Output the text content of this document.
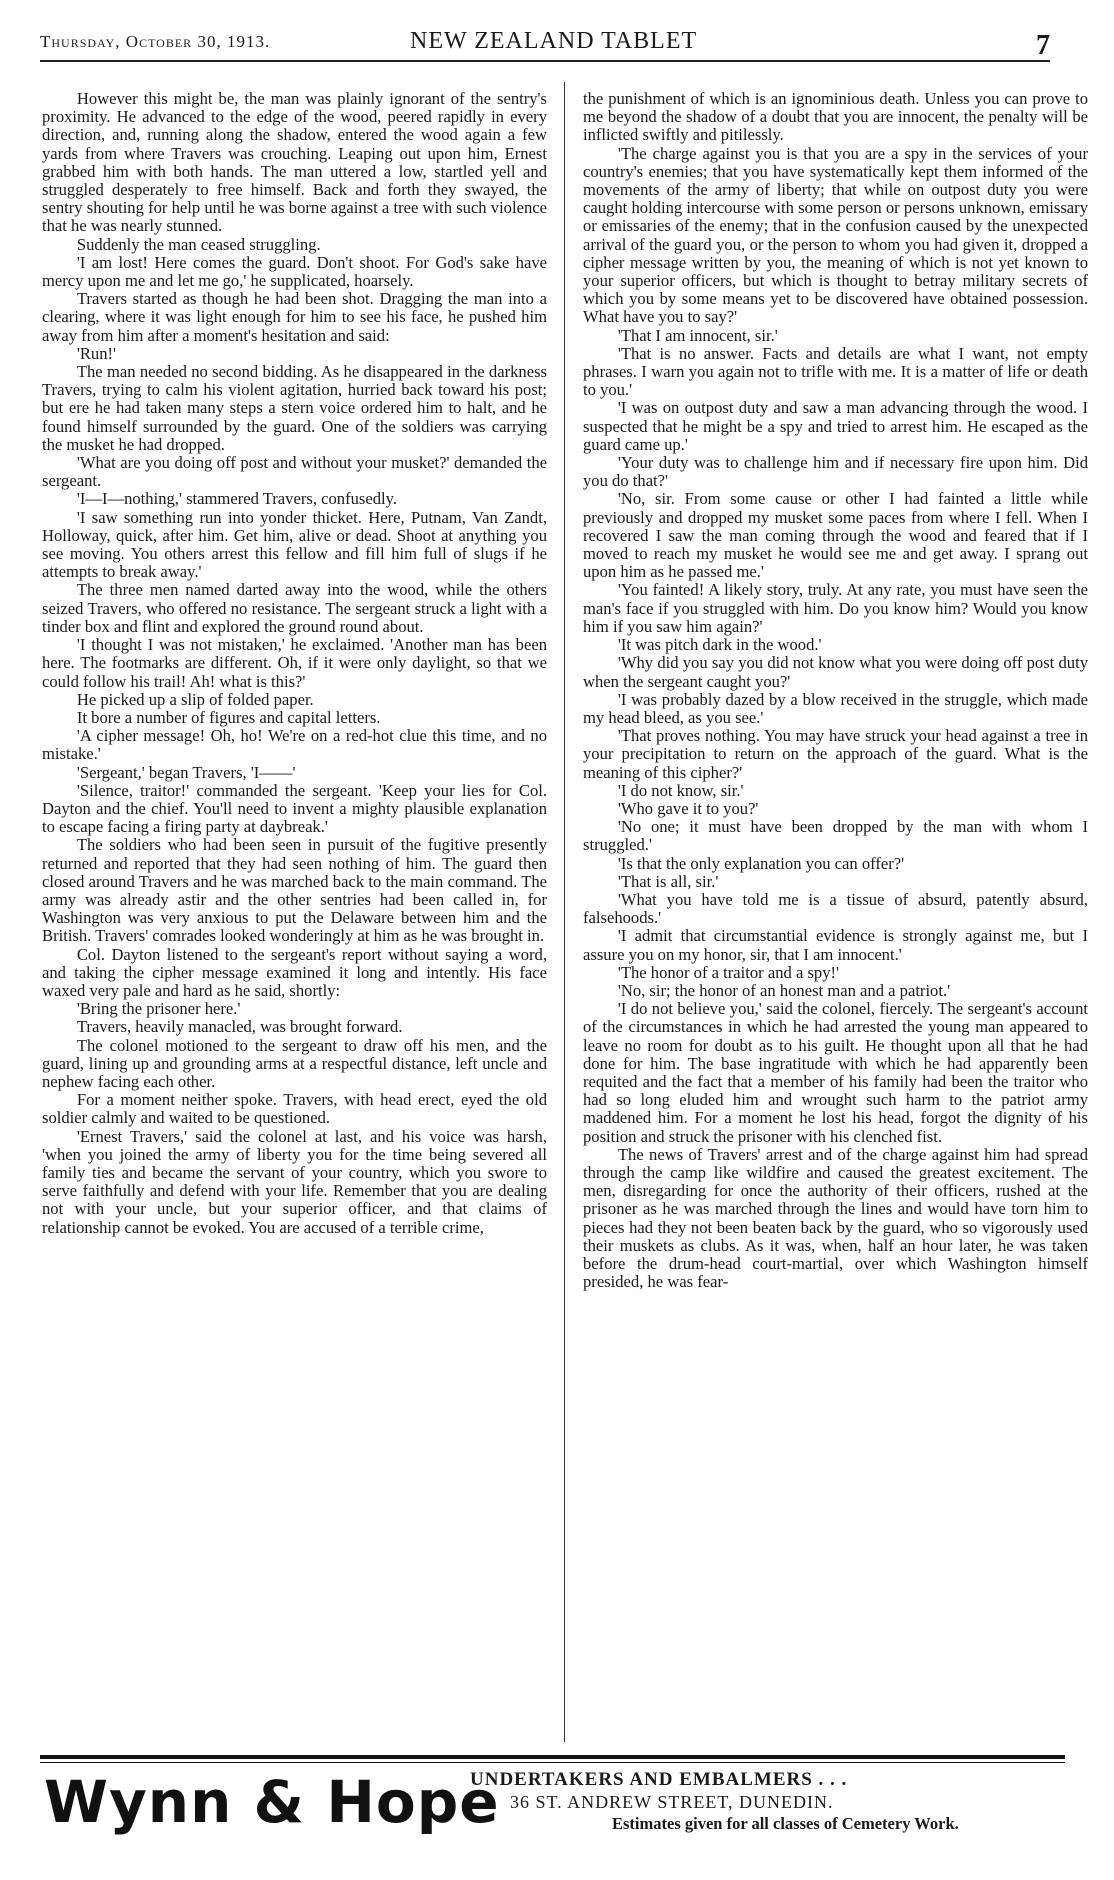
Thursday, October 30, 1913.	NEW ZEALAND TABLET	7

However this might be, the man was plainly ignorant of the sentry's proximity. He advanced to the edge of the wood, peered rapidly in every direction, and, running along the shadow, entered the wood again a few yards from where Travers was crouching. Leaping out upon him, Ernest grabbed him with both hands. The man uttered a low, startled yell and struggled desperately to free himself. Back and forth they swayed, the sentry shouting for help until he was borne against a tree with such violence that he was nearly stunned.

Suddenly the man ceased struggling.

'I am lost! Here comes the guard. Don't shoot. For God's sake have mercy upon me and let me go,' he supplicated, hoarsely.

Travers started as though he had been shot. Dragging the man into a clearing, where it was light enough for him to see his face, he pushed him away from him after a moment's hesitation and said:

'Run!'

The man needed no second bidding. As he disappeared in the darkness Travers, trying to calm his violent agitation, hurried back toward his post; but ere he had taken many steps a stern voice ordered him to halt, and he found himself surrounded by the guard. One of the soldiers was carrying the musket he had dropped.

'What are you doing off post and without your musket?' demanded the sergeant.

'I—I—nothing,' stammered Travers, confusedly.

'I saw something run into yonder thicket. Here, Putnam, Van Zandt, Holloway, quick, after him. Get him, alive or dead. Shoot at anything you see moving. You others arrest this fellow and fill him full of slugs if he attempts to break away.'

The three men named darted away into the wood, while the others seized Travers, who offered no resistance. The sergeant struck a light with a tinder box and flint and explored the ground round about.

'I thought I was not mistaken,' he exclaimed. 'Another man has been here. The footmarks are different. Oh, if it were only daylight, so that we could follow his trail! Ah! what is this?'

He picked up a slip of folded paper.

It bore a number of figures and capital letters.

'A cipher message! Oh, ho! We're on a red-hot clue this time, and no mistake.'

'Sergeant,' began Travers, 'I——'

'Silence, traitor!' commanded the sergeant. 'Keep your lies for Col. Dayton and the chief. You'll need to invent a mighty plausible explanation to escape facing a firing party at daybreak.'

The soldiers who had been seen in pursuit of the fugitive presently returned and reported that they had seen nothing of him. The guard then closed around Travers and he was marched back to the main command. The army was already astir and the other sentries had been called in, for Washington was very anxious to put the Delaware between him and the British. Travers' comrades looked wonderingly at him as he was brought in.

Col. Dayton listened to the sergeant's report without saying a word, and taking the cipher message examined it long and intently. His face waxed very pale and hard as he said, shortly:

'Bring the prisoner here.'

Travers, heavily manacled, was brought forward.

The colonel motioned to the sergeant to draw off his men, and the guard, lining up and grounding arms at a respectful distance, left uncle and nephew facing each other.

For a moment neither spoke. Travers, with head erect, eyed the old soldier calmly and waited to be questioned.

'Ernest Travers,' said the colonel at last, and his voice was harsh, 'when you joined the army of liberty you for the time being severed all family ties and became the servant of your country, which you swore to serve faithfully and defend with your life. Remember that you are dealing not with your uncle, but your superior officer, and that claims of relationship cannot be evoked. You are accused of a terrible crime,

the punishment of which is an ignominious death. Unless you can prove to me beyond the shadow of a doubt that you are innocent, the penalty will be inflicted swiftly and pitilessly.

'The charge against you is that you are a spy in the services of your country's enemies; that you have systematically kept them informed of the movements of the army of liberty; that while on outpost duty you were caught holding intercourse with some person or persons unknown, emissary or emissaries of the enemy; that in the confusion caused by the unexpected arrival of the guard you, or the person to whom you had given it, dropped a cipher message written by you, the meaning of which is not yet known to your superior officers, but which is thought to betray military secrets of which you by some means yet to be discovered have obtained possession. What have you to say?'

'That I am innocent, sir.'

'That is no answer. Facts and details are what I want, not empty phrases. I warn you again not to trifle with me. It is a matter of life or death to you.'

'I was on outpost duty and saw a man advancing through the wood. I suspected that he might be a spy and tried to arrest him. He escaped as the guard came up.'

'Your duty was to challenge him and if necessary fire upon him. Did you do that?'

'No, sir. From some cause or other I had fainted a little while previously and dropped my musket some paces from where I fell. When I recovered I saw the man coming through the wood and feared that if I moved to reach my musket he would see me and get away. I sprang out upon him as he passed me.'

'You fainted! A likely story, truly. At any rate, you must have seen the man's face if you struggled with him. Do you know him? Would you know him if you saw him again?'

'It was pitch dark in the wood.'

'Why did you say you did not know what you were doing off post duty when the sergeant caught you?'

'I was probably dazed by a blow received in the struggle, which made my head bleed, as you see.'

'That proves nothing. You may have struck your head against a tree in your precipitation to return on the approach of the guard. What is the meaning of this cipher?'

'I do not know, sir.'

'Who gave it to you?'

'No one; it must have been dropped by the man with whom I struggled.'

'Is that the only explanation you can offer?'

'That is all, sir.'

'What you have told me is a tissue of absurd, patently absurd, falsehoods.'

'I admit that circumstantial evidence is strongly against me, but I assure you on my honor, sir, that I am innocent.'

'The honor of a traitor and a spy!'

'No, sir; the honor of an honest man and a patriot.'

'I do not believe you,' said the colonel, fiercely. The sergeant's account of the circumstances in which he had arrested the young man appeared to leave no room for doubt as to his guilt. He thought upon all that he had done for him. The base ingratitude with which he had apparently been requited and the fact that a member of his family had been the traitor who had so long eluded him and wrought such harm to the patriot army maddened him. For a moment he lost his head, forgot the dignity of his position and struck the prisoner with his clenched fist.

The news of Travers' arrest and of the charge against him had spread through the camp like wildfire and caused the greatest excitement. The men, disregarding for once the authority of their officers, rushed at the prisoner as he was marched through the lines and would have torn him to pieces had they not been beaten back by the guard, who so vigorously used their muskets as clubs. As it was, when, half an hour later, he was taken before the drum-head court-martial, over which Washington himself presided, he was fear-

Wynn & Hope
UNDERTAKERS AND EMBALMERS . . .
36 ST. ANDREW STREET, DUNEDIN.
Estimates given for all classes of Cemetery Work.
